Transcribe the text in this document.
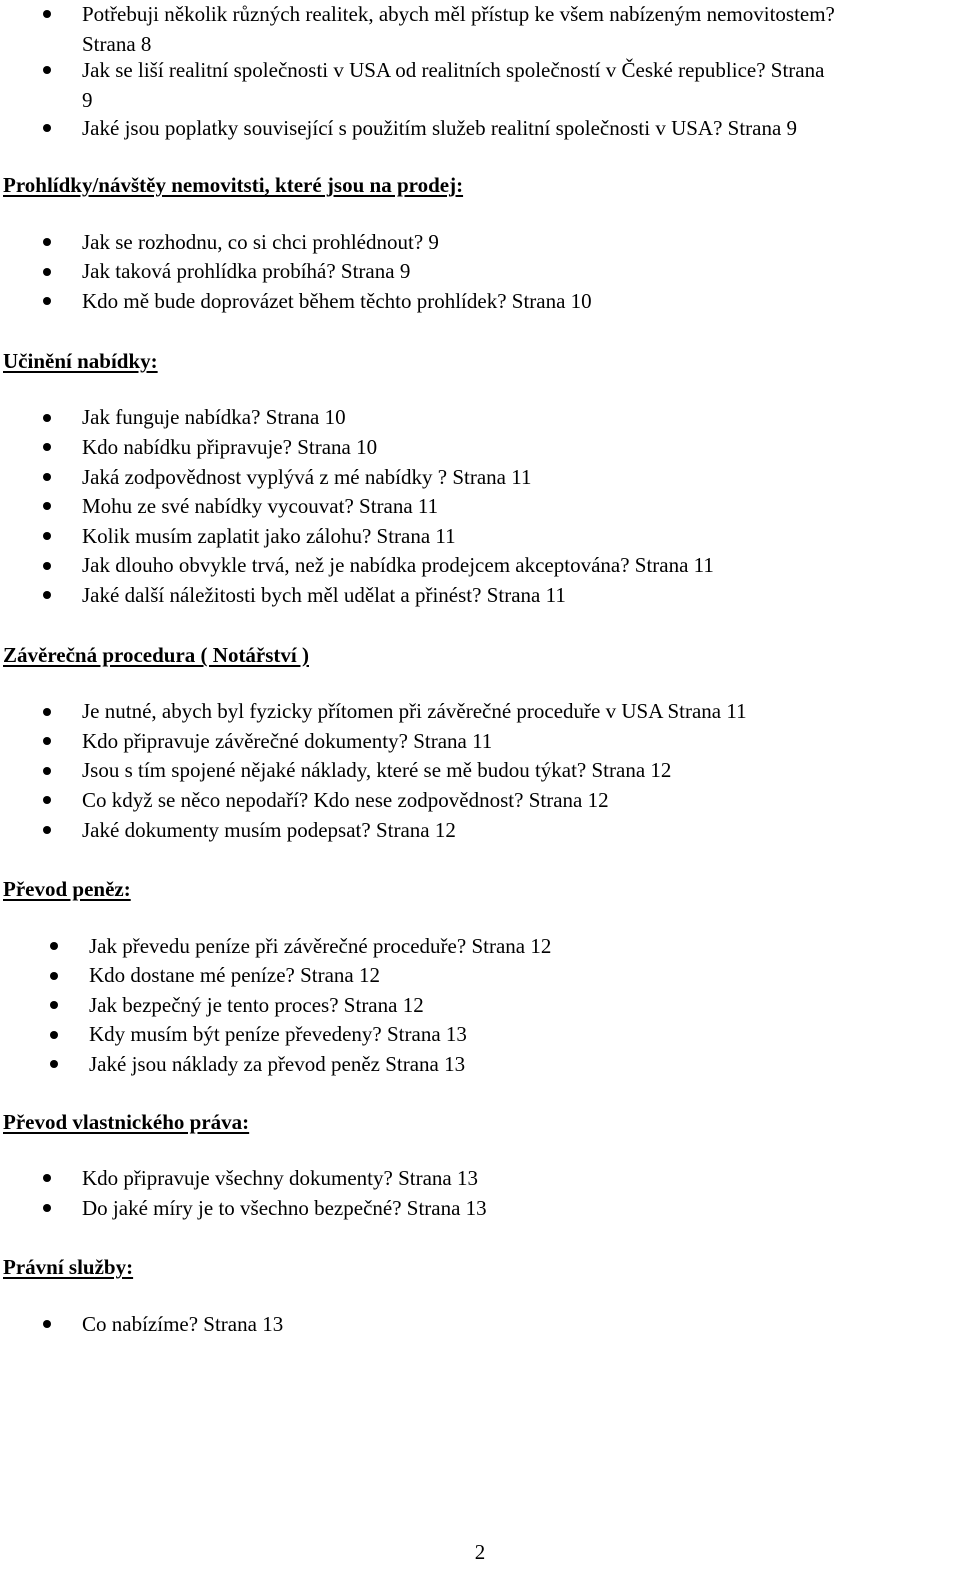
Potřebuji několik různých realitek, abych měl přístup ke všem nabízeným nemovitostem?
Strana 8
Jak se liší realitní společnosti v USA od realitních společností v České republice? Strana
9
Jaké jsou poplatky související s použitím služeb realitní společnosti v USA? Strana 9
Prohlídky/návštěy nemovitsti, které jsou na prodej:
Jak se rozhodnu, co si chci prohlédnout? 9
Jak taková prohlídka probíhá? Strana 9
Kdo mě bude doprovázet během těchto prohlídek? Strana 10
Učinění nabídky:
Jak funguje nabídka? Strana 10
Kdo nabídku připravuje? Strana 10
Jaká zodpovědnost vyplývá z mé nabídky ? Strana 11
Mohu ze své nabídky vycouvat? Strana 11
Kolik musím zaplatit jako zálohu? Strana 11
Jak dlouho obvykle trvá, než je nabídka prodejcem akceptována? Strana 11
Jaké další náležitosti bych měl udělat a přinést? Strana 11
Závěrečná procedura ( Notářství )
Je nutné, abych byl fyzicky přítomen při závěrečné proceduře v USA Strana 11
Kdo připravuje závěrečné dokumenty? Strana 11
Jsou s tím spojené nějaké náklady, které se mě budou týkat? Strana 12
Co když se něco nepodaří? Kdo nese zodpovědnost? Strana 12
Jaké dokumenty musím podepsat? Strana 12
Převod peněz:
Jak převedu peníze při závěrečné proceduře? Strana 12
Kdo dostane mé peníze? Strana 12
Jak bezpečný je tento proces? Strana 12
Kdy musím být peníze převedeny? Strana 13
Jaké jsou náklady za převod peněz Strana 13
Převod vlastnického práva:
Kdo připravuje všechny dokumenty? Strana 13
Do jaké míry je to všechno bezpečné? Strana 13
Právní služby:
Co nabízíme? Strana 13
2
